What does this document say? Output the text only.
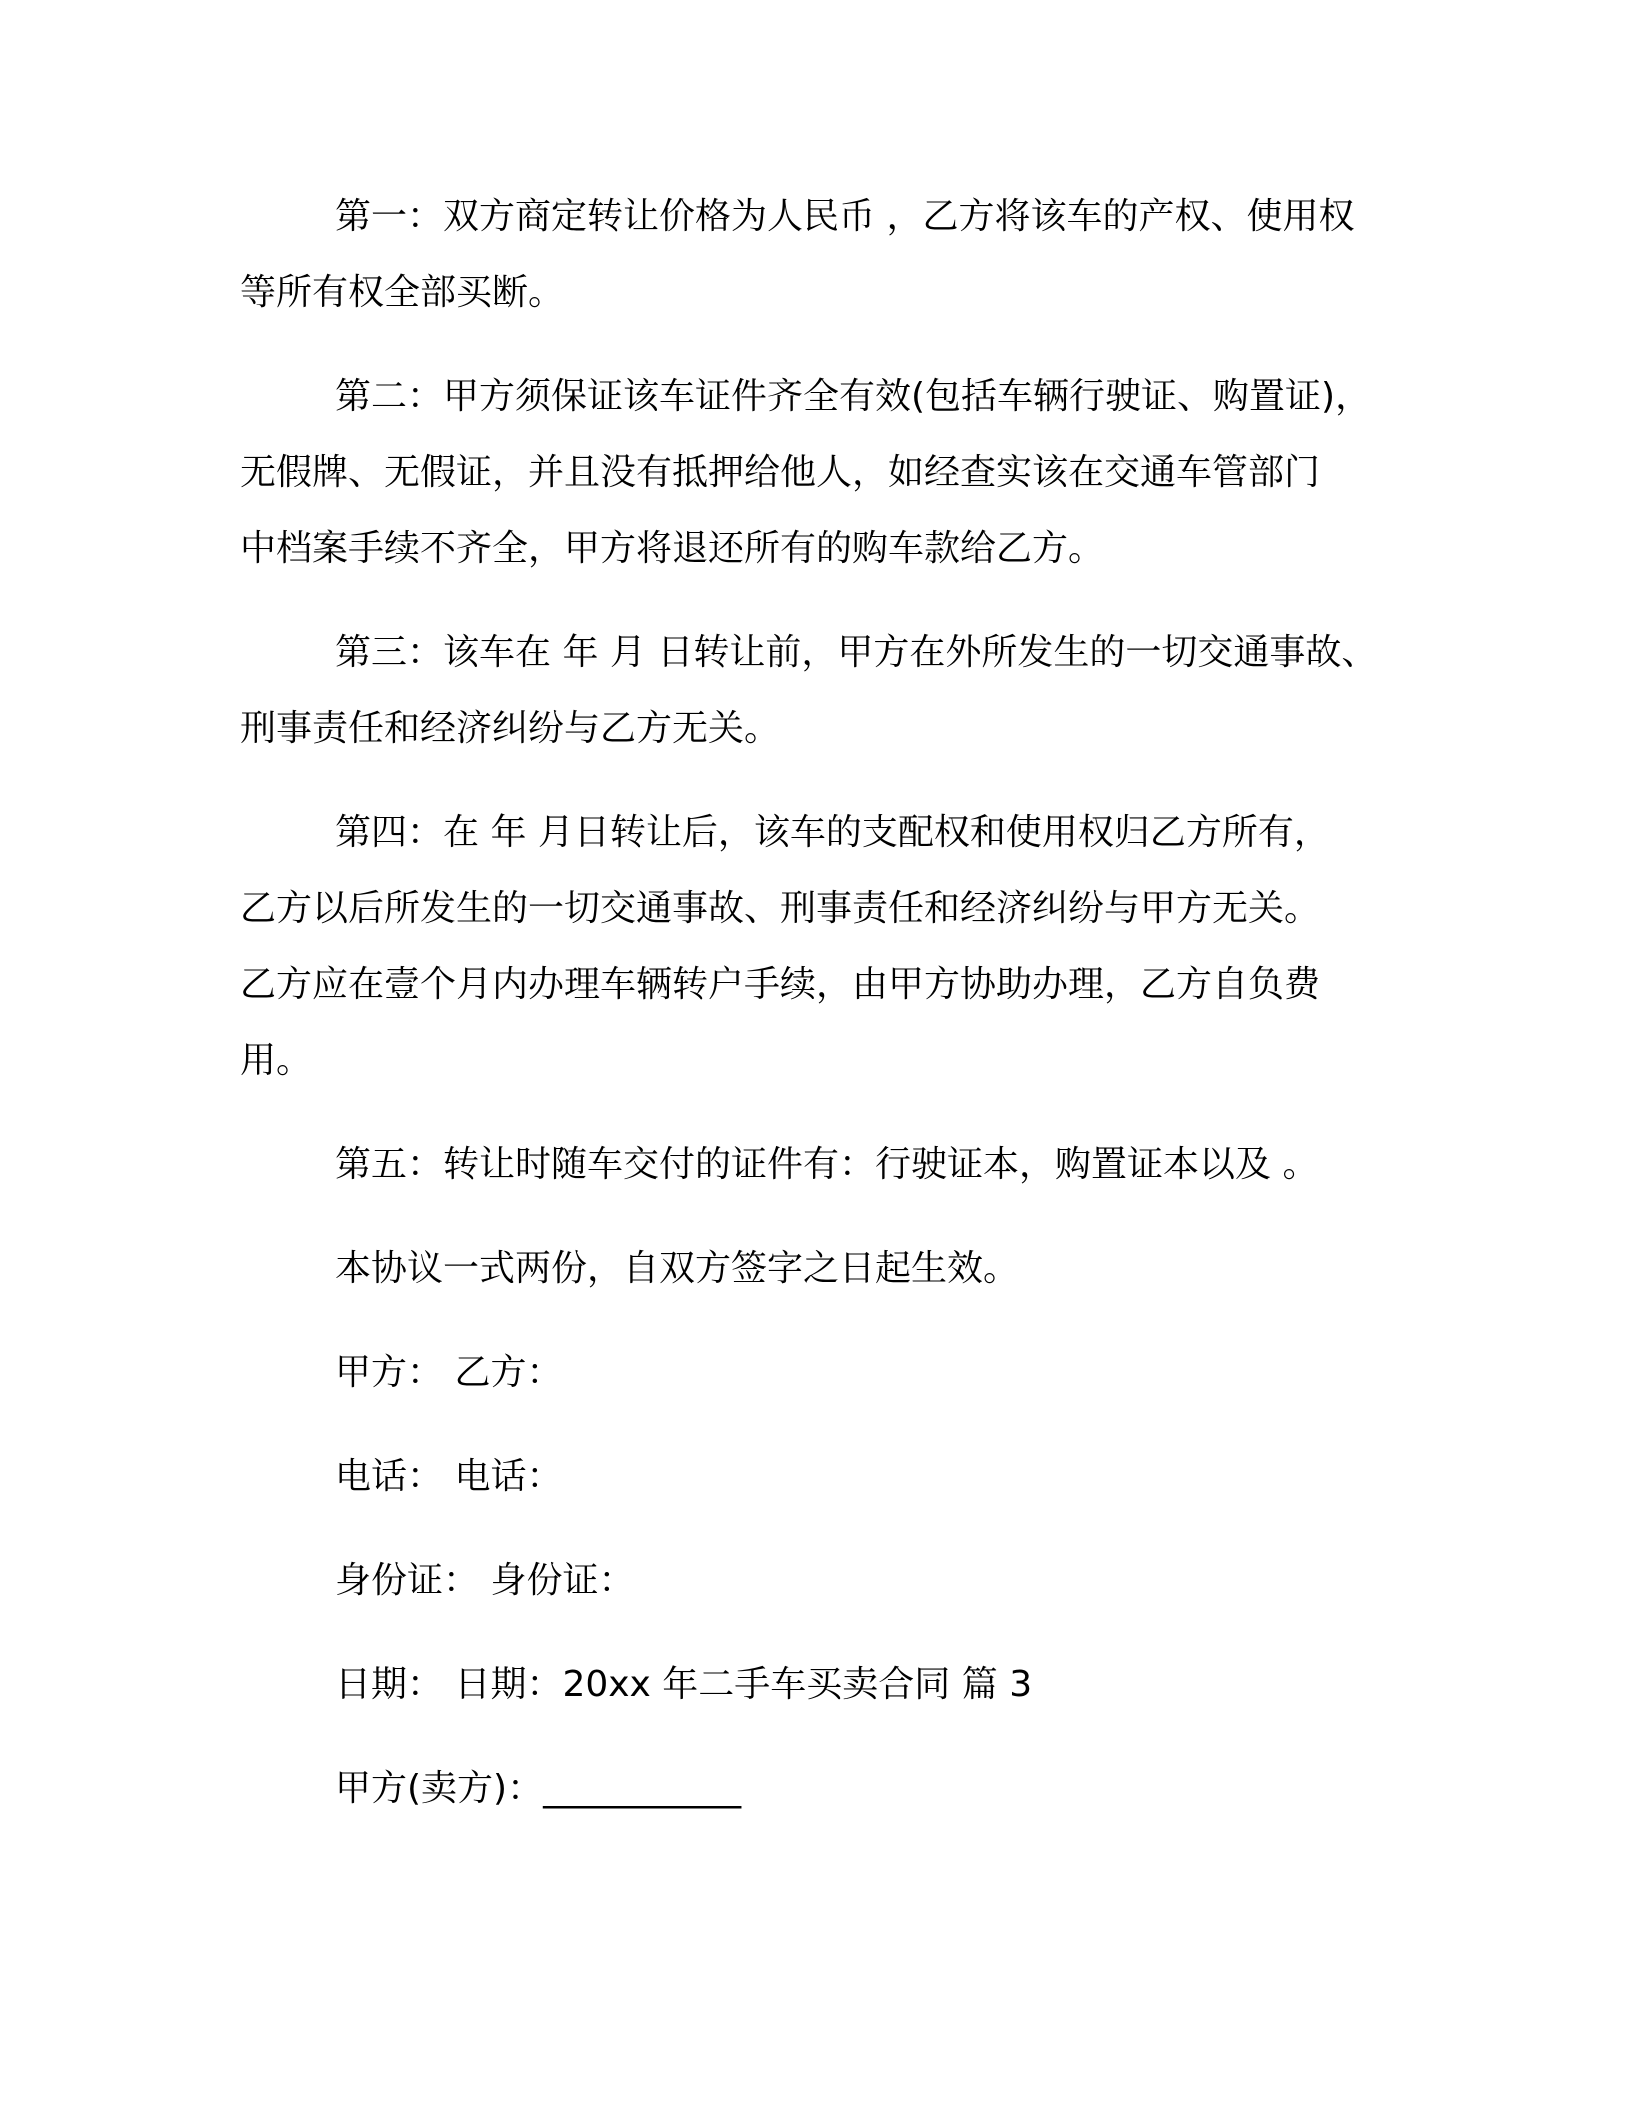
第一：双方商定转让价格为人民币 ，乙方将该车的产权、使用权

等所有权全部买断。

第二：甲方须保证该车证件齐全有效(包括车辆行驶证、购置证)，

无假牌、无假证，并且没有抵押给他人，如经查实该在交通车管部门

中档案手续不齐全，甲方将退还所有的购车款给乙方。

第三：该车在 年 月 日转让前，甲方在外所发生的一切交通事故、

刑事责任和经济纠纷与乙方无关。

第四：在 年 月日转让后，该车的支配权和使用权归乙方所有，

乙方以后所发生的一切交通事故、刑事责任和经济纠纷与甲方无关。

乙方应在壹个月内办理车辆转户手续，由甲方协助办理，乙方自负费

用。

第五：转让时随车交付的证件有：行驶证本，购置证本以及 。

本协议一式两份，自双方签字之日起生效。

甲方： 乙方：

电话： 电话：

身份证： 身份证：

日期： 日期：20xx 年二手车买卖合同 篇 3

甲方(卖方)：___________
